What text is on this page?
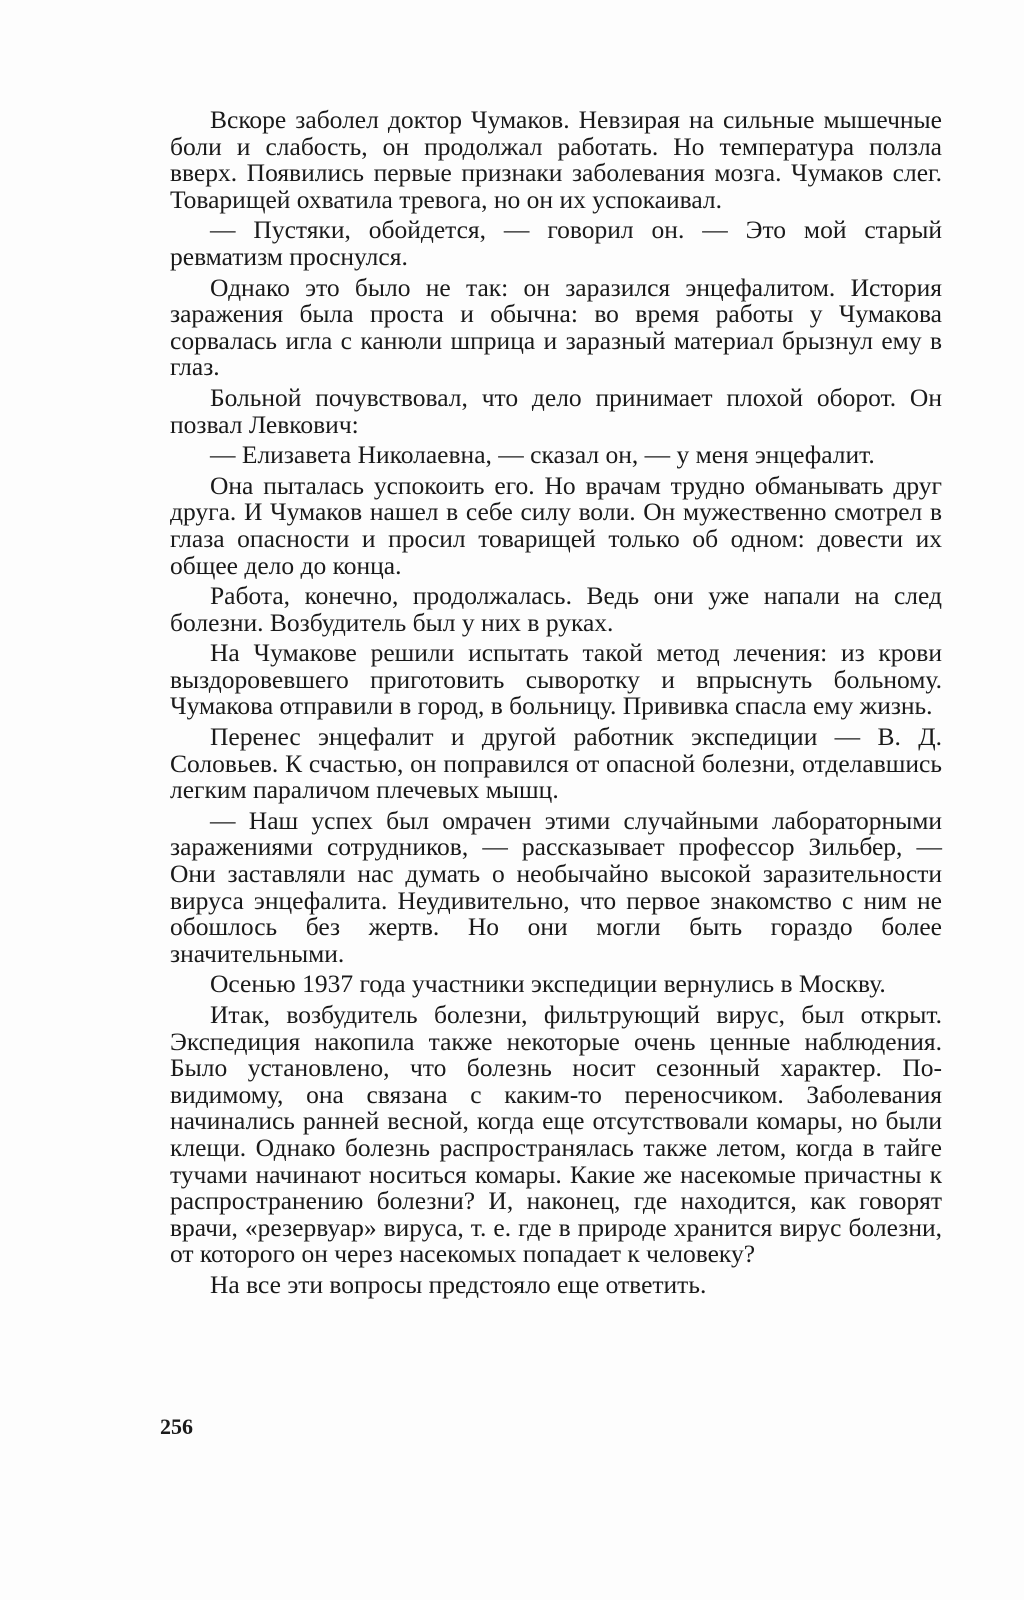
Вскоре заболел доктор Чумаков. Невзирая на сильные мышечные боли и слабость, он продолжал работать. Но температура ползла вверх. Появились первые признаки заболевания мозга. Чумаков слег. Товарищей охватила тревога, но он их успокаивал.

— Пустяки, обойдется, — говорил он. — Это мой старый ревматизм проснулся.

Однако это было не так: он заразился энцефалитом. История заражения была проста и обычна: во время работы у Чумакова сорвалась игла с канюли шприца и заразный материал брызнул ему в глаз.

Больной почувствовал, что дело принимает плохой оборот. Он позвал Левкович:

— Елизавета Николаевна, — сказал он, — у меня энцефалит.

Она пыталась успокоить его. Но врачам трудно обманывать друг друга. И Чумаков нашел в себе силу воли. Он мужественно смотрел в глаза опасности и просил товарищей только об одном: довести их общее дело до конца.

Работа, конечно, продолжалась. Ведь они уже напали на след болезни. Возбудитель был у них в руках.

На Чумакове решили испытать такой метод лечения: из крови выздоровевшего приготовить сыворотку и впрыснуть больному. Чумакова отправили в город, в больницу. Прививка спасла ему жизнь.

Перенес энцефалит и другой работник экспедиции — В. Д. Соловьев. К счастью, он поправился от опасной болезни, отделавшись легким параличом плечевых мышц.

— Наш успех был омрачен этими случайными лабораторными заражениями сотрудников, — рассказывает профессор Зильбер, — Они заставляли нас думать о необычайно высокой заразительности вируса энцефалита. Неудивительно, что первое знакомство с ним не обошлось без жертв. Но они могли быть гораздо более значительными.

Осенью 1937 года участники экспедиции вернулись в Москву.

Итак, возбудитель болезни, фильтрующий вирус, был открыт. Экспедиция накопила также некоторые очень ценные наблюдения. Было установлено, что болезнь носит сезонный характер. По-видимому, она связана с каким-то переносчиком. Заболевания начинались ранней весной, когда еще отсутствовали комары, но были клещи. Однако болезнь распространялась также летом, когда в тайге тучами начинают носиться комары. Какие же насекомые причастны к распространению болезни? И, наконец, где находится, как говорят врачи, «резервуар» вируса, т. е. где в природе хранится вирус болезни, от которого он через насекомых попадает к человеку?

На все эти вопросы предстояло еще ответить.

256
